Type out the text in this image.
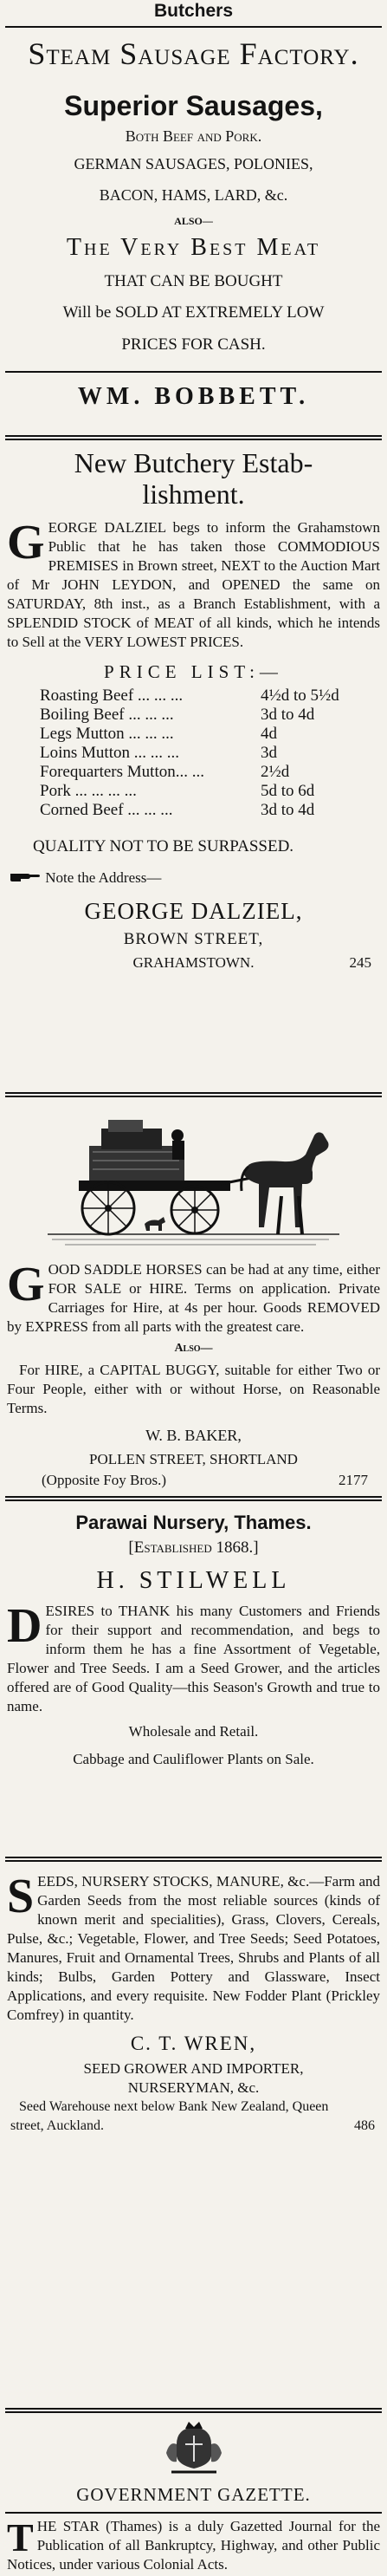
Butchers
Steam Sausage Factory.
Superior Sausages,
Both Beef and Pork.
GERMAN SAUSAGES, POLONIES,
BACON, HAMS, LARD, &c.
ALSO—
The Very Best Meat
THAT CAN BE BOUGHT
Will be SOLD AT EXTREMELY LOW
PRICES FOR CASH.
WM. BOBBETT.
New Butchery Estab-
lishment.
G EORGE DALZIEL begs to inform the Grahamstown Public that he has taken those COMMODIOUS PREMISES in Brown street, NEXT to the Auction Mart of Mr JOHN LEYDON, and OPENED the same on SATURDAY, 8th inst., as a Branch Establishment, with a SPLENDID STOCK of MEAT of all kinds, which he intends to Sell at the VERY LOWEST PRICES.
PRICE LIST:—
Roasting Beef ... ... ...	4½d to 5½d
Boiling Beef ... ... ...	3d to 4d
Legs Mutton ... ... ...	4d
Loins Mutton ... ... ...	3d
Forequarters Mutton... ...	2½d
Pork ... ... ... ...	5d to 6d
Corned Beef ... ... ...	3d to 4d
QUALITY NOT TO BE SURPASSED.
Note the Address—
GEORGE DALZIEL,
BROWN STREET,
GRAHAMSTOWN.	245
G OOD SADDLE HORSES can be had at any time, either FOR SALE or HIRE. Terms on application. Private Carriages for Hire, at 4s per hour. Goods REMOVED by EXPRESS from all parts with the greatest care.
Also—
For HIRE, a CAPITAL BUGGY, suitable for either Two or Four People, either with or without Horse, on Reasonable Terms.
W. B. BAKER,
POLLEN STREET, SHORTLAND
(Opposite Foy Bros.)	2177
Parawai Nursery, Thames.
[Established 1868.]
H. STILWELL
D ESIRES to THANK his many Customers and Friends for their support and recommendation, and begs to inform them he has a fine Assortment of Vegetable, Flower and Tree Seeds. I am a Seed Grower, and the articles offered are of Good Quality—this Season's Growth and true to name.
Wholesale and Retail.
Cabbage and Cauliflower Plants on Sale.
S EEDS, NURSERY STOCKS, MANURE, &c.—Farm and Garden Seeds from the most reliable sources (kinds of known merit and specialities), Grass, Clovers, Cereals, Pulse, &c.; Vegetable, Flower, and Tree Seeds; Seed Potatoes, Manures, Fruit and Ornamental Trees, Shrubs and Plants of all kinds; Bulbs, Garden Pottery and Glassware, Insect Applications, and every requisite. New Fodder Plant (Prickley Comfrey) in quantity.
C. T. WREN,
SEED GROWER AND IMPORTER,
NURSERYMAN, &c.
Seed Warehouse next below Bank New Zealand, Queen street, Auckland.	486
GOVERNMENT GAZETTE.
T HE STAR (Thames) is a duly Gazetted Journal for the Publication of all Bankruptcy, Highway, and other Public Notices, under various Colonial Acts.
